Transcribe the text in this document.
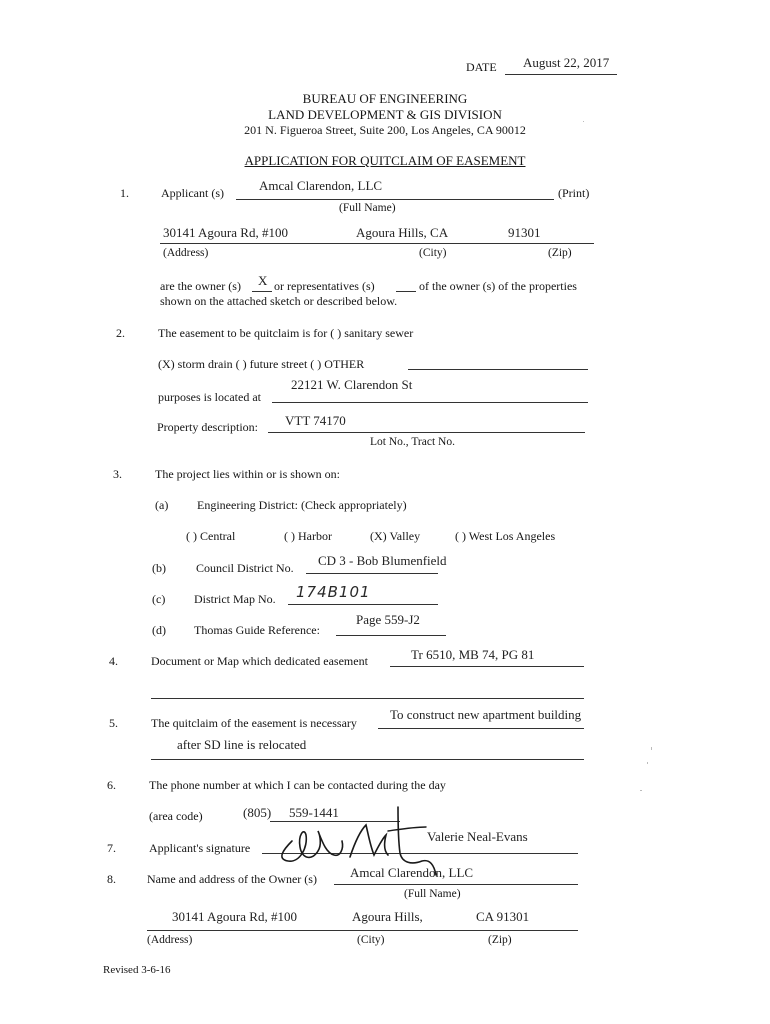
DATE August 22, 2017
BUREAU OF ENGINEERING
LAND DEVELOPMENT & GIS DIVISION
201 N. Figueroa Street, Suite 200, Los Angeles, CA 90012
APPLICATION FOR QUITCLAIM OF EASEMENT
1.	Applicant (s)	Amcal Clarendon, LLC	(Print)
(Full Name)
30141 Agoura Rd, #100	Agoura Hills, CA	91301
(Address)	(City)	(Zip)
are the owner (s) X or representatives (s)	of the owner (s) of the properties
shown on the attached sketch or described below.
2.	The easement to be quitclaim is for ( ) sanitary sewer
(X) storm drain ( ) future street ( ) OTHER
purposes is located at
22121 W. Clarendon St
Property description: VTT 74170
Lot No., Tract No.
3.	The project lies within or is shown on:
(a) Engineering District: (Check appropriately)
( ) Central	( ) Harbor	(X) Valley	( ) West Los Angeles
(b)	Council District No. CD 3 - Bob Blumenfield
(c) District Map No. 174B101
(d) Thomas Guide Reference:
Page 559-J2
4.	Document or Map which dedicated easement	Tr 6510, MB 74, PG 81
5.	The quitclaim of the easement is necessary
To construct new apartment building
after SD line is relocated
6.	The phone number at which I can be contacted during the day
(area code)	(805) 559-1441
7.	Applicant's signature
Valerie Neal-Evans
8.	Name and address of the Owner (s)	Amcal Clarendon, LLC
(Full Name)
30141 Agoura Rd, #100	Agoura Hills,	CA 91301
(Address)	(City)	(Zip)
Revised 3-6-16
